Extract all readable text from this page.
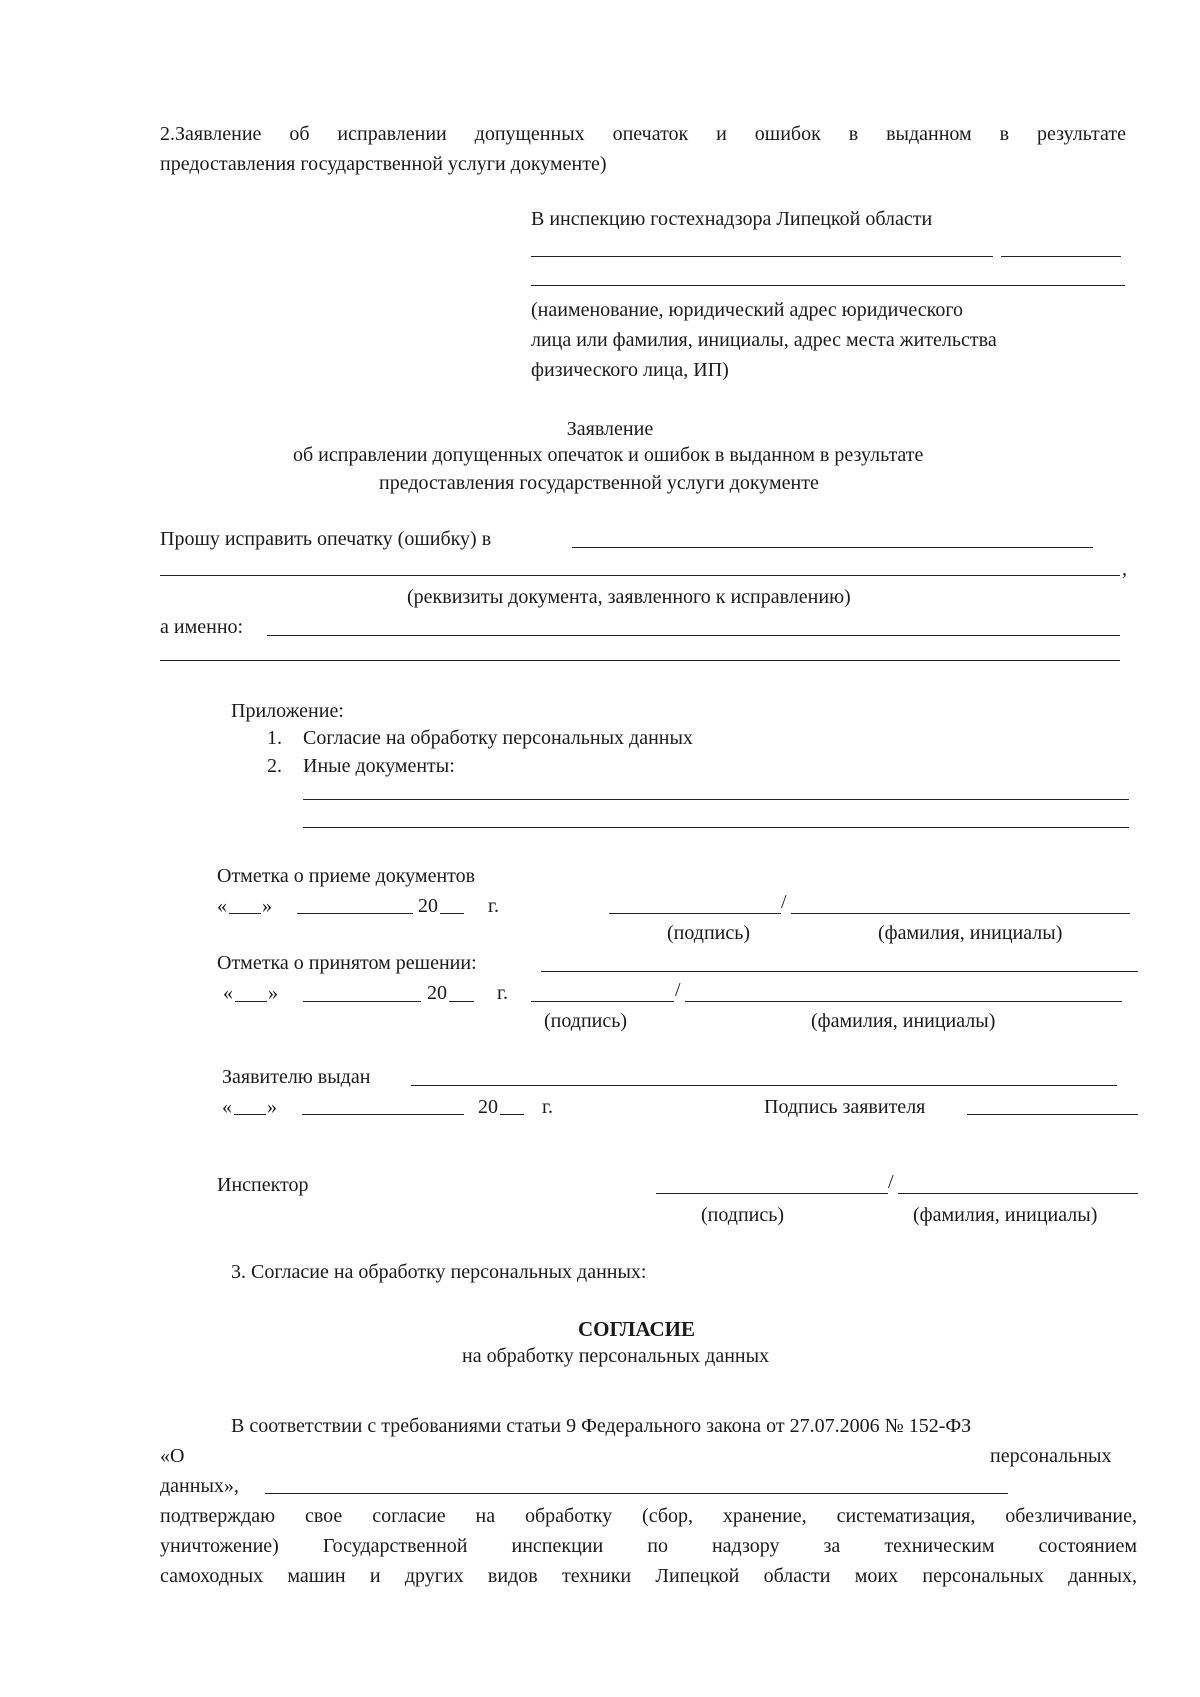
2.Заявление об исправлении допущенных опечаток и ошибок в выданном в результате
предоставления государственной услуги документе)
В инспекцию гостехнадзора Липецкой области
(наименование, юридический адрес юридического
лица или фамилия, инициалы, адрес места жительства
физического лица, ИП)
Заявление
об исправлении допущенных опечаток и ошибок в выданном в результате
предоставления государственной услуги документе
Прошу исправить опечатку (ошибку) в
,
(реквизиты документа, заявленного к исправлению)
а именно:
Приложение:
1. Согласие на обработку персональных данных
2. Иные документы:
Отметка о приеме документов
« »	20	г.	/
(подпись)	(фамилия, инициалы)
Отметка о принятом решении:
« »	20	г.	/
(подпись)	(фамилия, инициалы)
Заявителю выдан
« »	20 г.	Подпись заявителя
Инспектор	/
(подпись)	(фамилия, инициалы)
3. Согласие на обработку персональных данных:
СОГЛАСИЕ
на обработку персональных данных
В соответствии с требованиями статьи 9 Федерального закона от 27.07.2006 № 152-ФЗ
«О	персональных
данных»,
подтверждаю свое согласие на обработку (сбор, хранение, систематизация, обезличивание,
уничтожение) Государственной инспекции по надзору за техническим состоянием
самоходных машин и других видов техники Липецкой области моих персональных данных,
